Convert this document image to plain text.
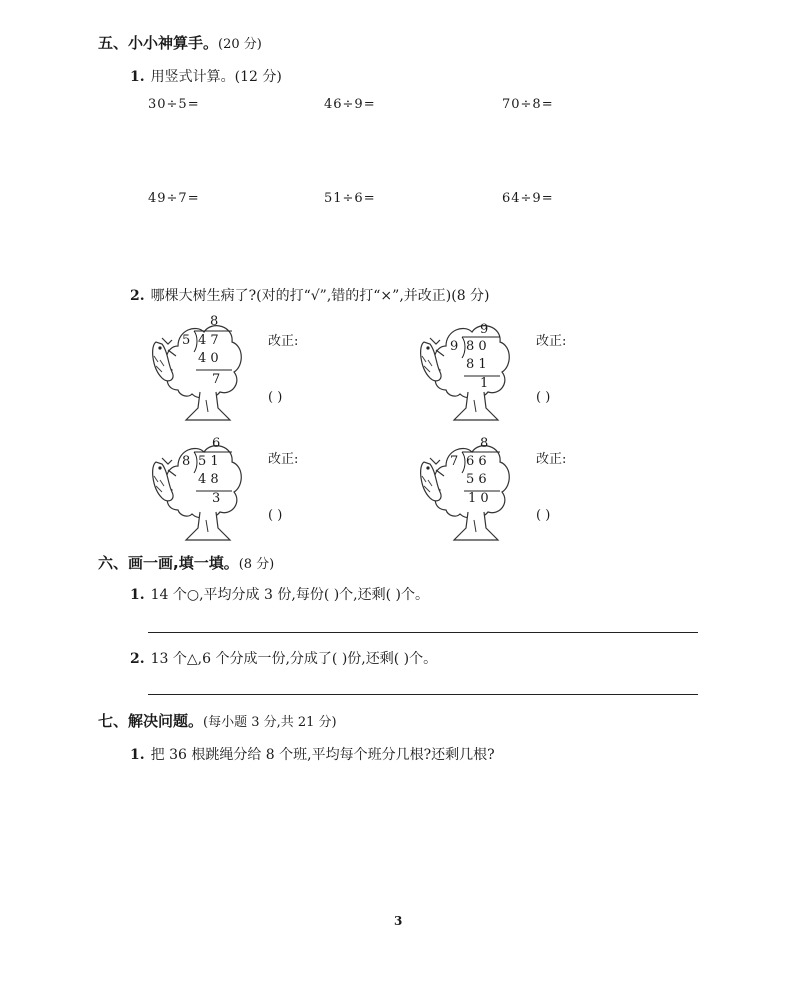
五、小小神算手。(20 分)
1. 用竖式计算。(12 分)
30÷5=	46÷9=	70÷8=
49÷7=	51÷6=	64÷9=
2. 哪棵大树生病了?(对的打“√”,错的打“×”,并改正)(8 分)
8
5 4 7
4 0
7
改正:
( )
9
9 8 0
8 1
1
改正:
( )
6
8 5 1
4 8
3
改正:
( )
8
7 6 6
5 6
1 0
改正:
( )
六、画一画,填一填。(8 分)
1. 14 个○,平均分成 3 份,每份( )个,还剩( )个。
2. 13 个△,6 个分成一份,分成了( )份,还剩( )个。
七、解决问题。(每小题 3 分,共 21 分)
1. 把 36 根跳绳分给 8 个班,平均每个班分几根?还剩几根?
3
